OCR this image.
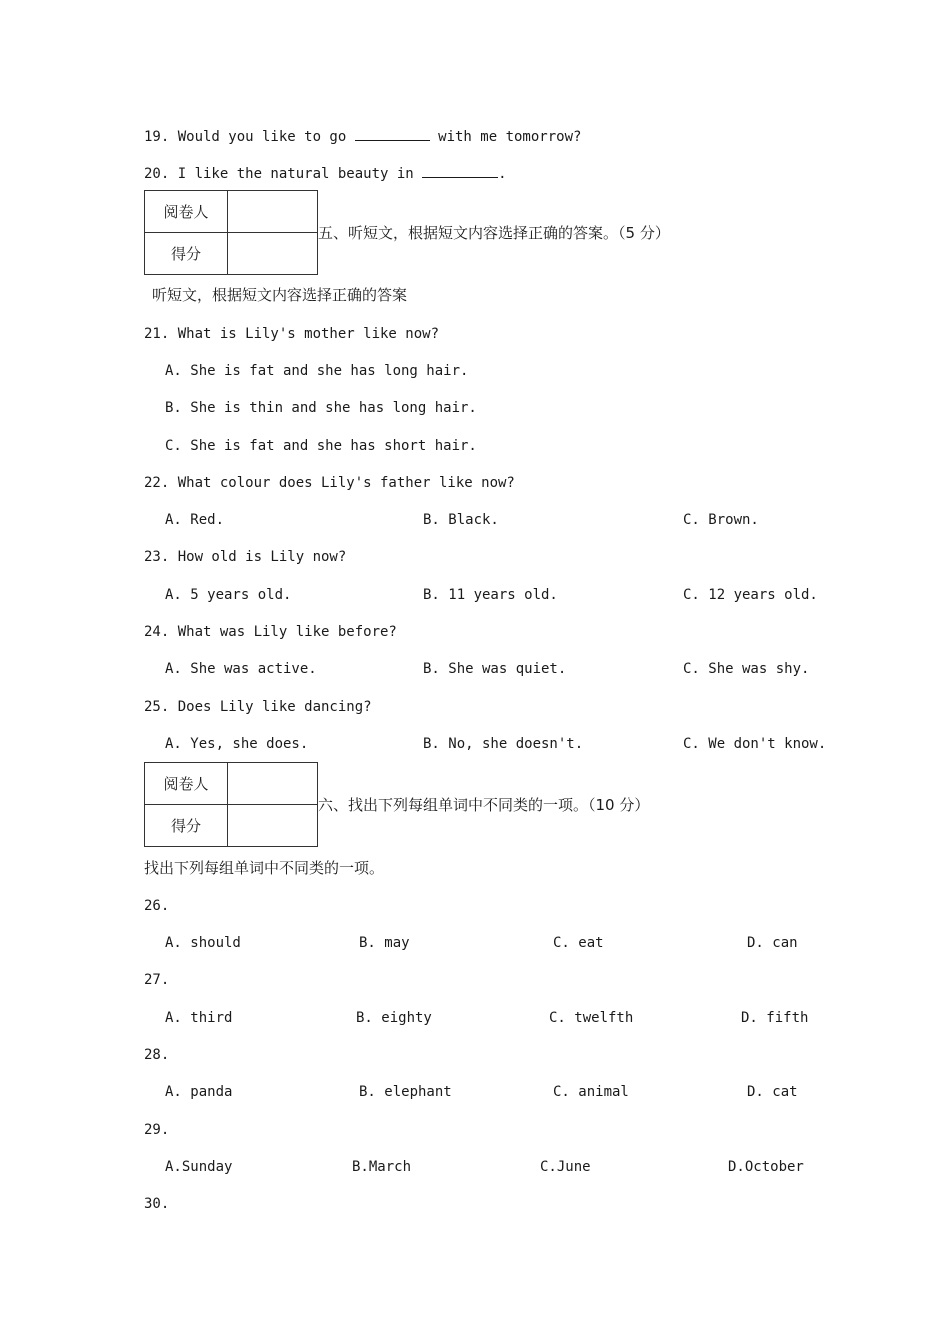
19. Would you like to go	with me tomorrow?
20. I like the natural beauty in	.
阅卷人	
得分	
五、听短文，根据短文内容选择正确的答案。（5 分）
听短文，根据短文内容选择正确的答案
21. What is Lily's mother like now?
A. She is fat and she has long hair.
B. She is thin and she has long hair.
C. She is fat and she has short hair.
22. What colour does Lily's father like now?
A. Red.	B. Black.	C. Brown.
23. How old is Lily now?
A. 5 years old.	B. 11 years old.	C. 12 years old.
24. What was Lily like before?
A. She was active.	B. She was quiet.	C. She was shy.
25. Does Lily like dancing?
A. Yes, she does.	B. No, she doesn't.	C. We don't know.
阅卷人	
得分	
六、找出下列每组单词中不同类的一项。（10 分）
找出下列每组单词中不同类的一项。
26.
A. should	B. may	C. eat	D. can
27.
A. third	B. eighty	C. twelfth	D. fifth
28.
A. panda	B. elephant	C. animal	D. cat
29.
A.Sunday	B.March	C.June	D.October
30.
